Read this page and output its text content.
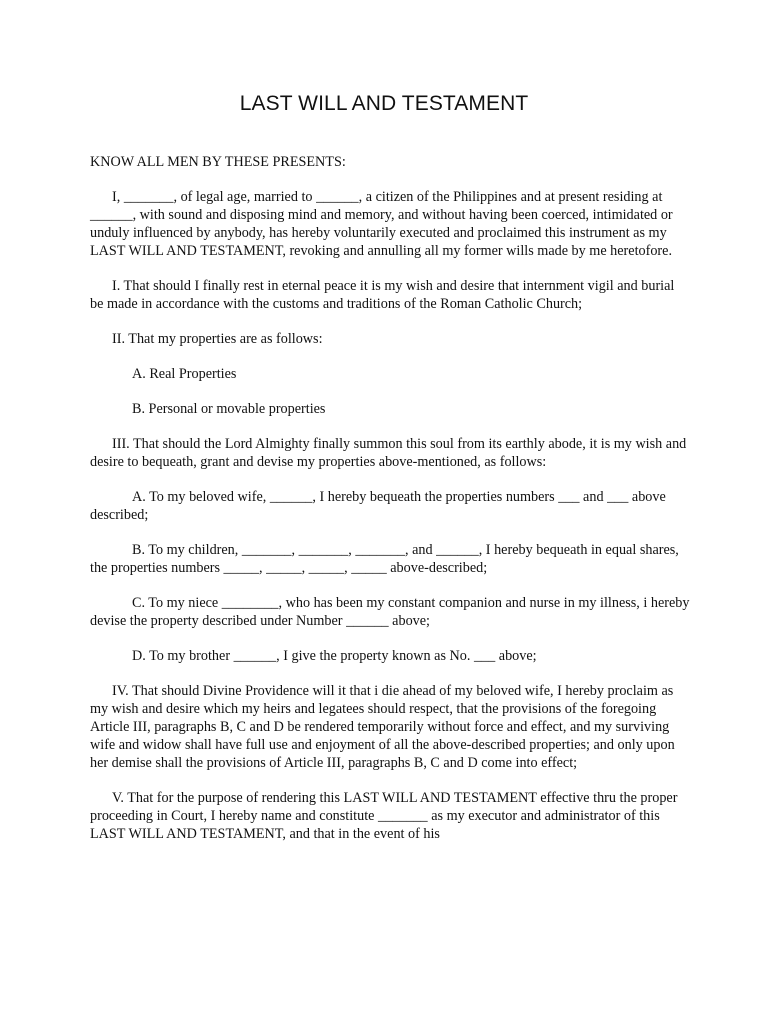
LAST WILL AND TESTAMENT

KNOW ALL MEN BY THESE PRESENTS:

I, _______, of legal age, married to ______, a citizen of the Philippines and at present residing at ______, with sound and disposing mind and memory, and without having been coerced, intimidated or unduly influenced by anybody, has hereby voluntarily executed and proclaimed this instrument as my LAST WILL AND TESTAMENT, revoking and annulling all my former wills made by me heretofore.

I. That should I finally rest in eternal peace it is my wish and desire that internment vigil and burial be made in accordance with the customs and traditions of the Roman Catholic Church;

II. That my properties are as follows:

A. Real Properties

B. Personal or movable properties

III. That should the Lord Almighty finally summon this soul from its earthly abode, it is my wish and desire to bequeath, grant and devise my properties above-mentioned, as follows:

A. To my beloved wife, ______, I hereby bequeath the properties numbers ___ and ___ above described;

B. To my children, _______, _______, _______, and ______, I hereby bequeath in equal shares, the properties numbers _____, _____, _____, _____ above-described;

C. To my niece ________, who has been my constant companion and nurse in my illness, i hereby devise the property described under Number ______ above;

D. To my brother ______, I give the property known as No. ___ above;

IV. That should Divine Providence will it that i die ahead of my beloved wife, I hereby proclaim as my wish and desire which my heirs and legatees should respect, that the provisions of the foregoing Article III, paragraphs B, C and D be rendered temporarily without force and effect, and my surviving wife and widow shall have full use and enjoyment of all the above-described properties; and only upon her demise shall the provisions of Article III, paragraphs B, C and D come into effect;

V. That for the purpose of rendering this LAST WILL AND TESTAMENT effective thru the proper proceeding in Court, I hereby name and constitute _______ as my executor and administrator of this LAST WILL AND TESTAMENT, and that in the event of his
